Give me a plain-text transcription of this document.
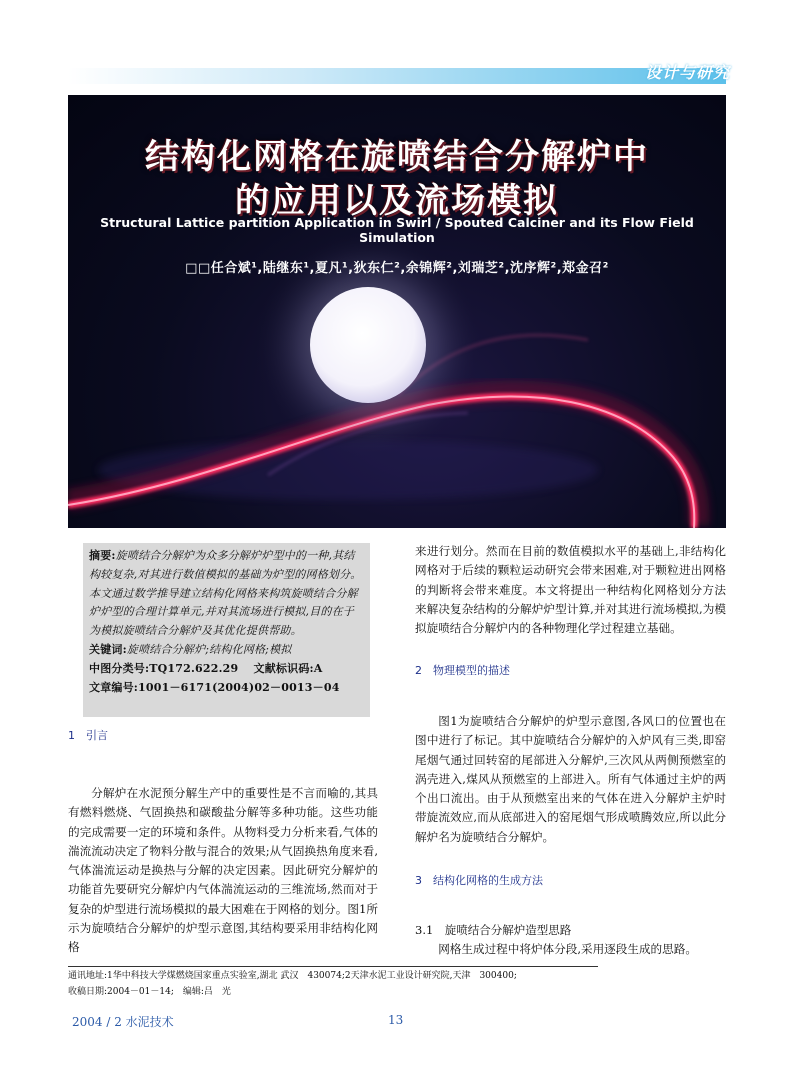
设计与研究
结构化网格在旋喷结合分解炉中
的应用以及流场模拟
Structural Lattice partition Application in Swirl / Spouted Calciner and its Flow Field Simulation
□□任合斌¹,陆继东¹,夏凡¹,狄东仁²,余锦辉²,刘瑞芝²,沈序辉²,郑金召²

摘要:旋喷结合分解炉为众多分解炉炉型中的一种,其结构较复杂,对其进行数值模拟的基础为炉型的网格划分。本文通过数学推导建立结构化网格来构筑旋喷结合分解炉炉型的合理计算单元,并对其流场进行模拟,目的在于为模拟旋喷结合分解炉及其优化提供帮助。

关键词:旋喷结合分解炉;结构化网格;模拟

中图分类号:TQ172.622.29　 文献标识码:A

文章编号:1001－6171(2004)02－0013－04

1　引言

分解炉在水泥预分解生产中的重要性是不言而喻的,其具有燃料燃烧、气固换热和碳酸盐分解等多种功能。这些功能的完成需要一定的环境和条件。从物料受力分析来看,气体的湍流流动决定了物料分散与混合的效果;从气固换热角度来看,气体湍流运动是换热与分解的决定因素。因此研究分解炉的功能首先要研究分解炉内气体湍流运动的三维流场,然而对于复杂的炉型进行流场模拟的最大困难在于网格的划分。图1所示为旋喷结合分解炉的炉型示意图,其结构要采用非结构化网格

来进行划分。然而在目前的数值模拟水平的基础上,非结构化网格对于后续的颗粒运动研究会带来困难,对于颗粒进出网格的判断将会带来难度。本文将提出一种结构化网格划分方法来解决复杂结构的分解炉炉型计算,并对其进行流场模拟,为模拟旋喷结合分解炉内的各种物理化学过程建立基础。

2　物理模型的描述

图1为旋喷结合分解炉的炉型示意图,各风口的位置也在图中进行了标记。其中旋喷结合分解炉的入炉风有三类,即窑尾烟气通过回转窑的尾部进入分解炉,三次风从两侧预燃室的涡壳进入,煤风从预燃室的上部进入。所有气体通过主炉的两个出口流出。由于从预燃室出来的气体在进入分解炉主炉时带旋流效应,而从底部进入的窑尾烟气形成喷腾效应,所以此分解炉名为旋喷结合分解炉。

3　结构化网格的生成方法
3.1　旋喷结合分解炉造型思路

网格生成过程中将炉体分段,采用逐段生成的思路。

通讯地址:1华中科技大学煤燃烧国家重点实验室,湖北 武汉　430074;2天津水泥工业设计研究院,天津　300400;
收稿日期:2004－01－14;　编辑:吕　光
2004 / 2 水泥技术	13
